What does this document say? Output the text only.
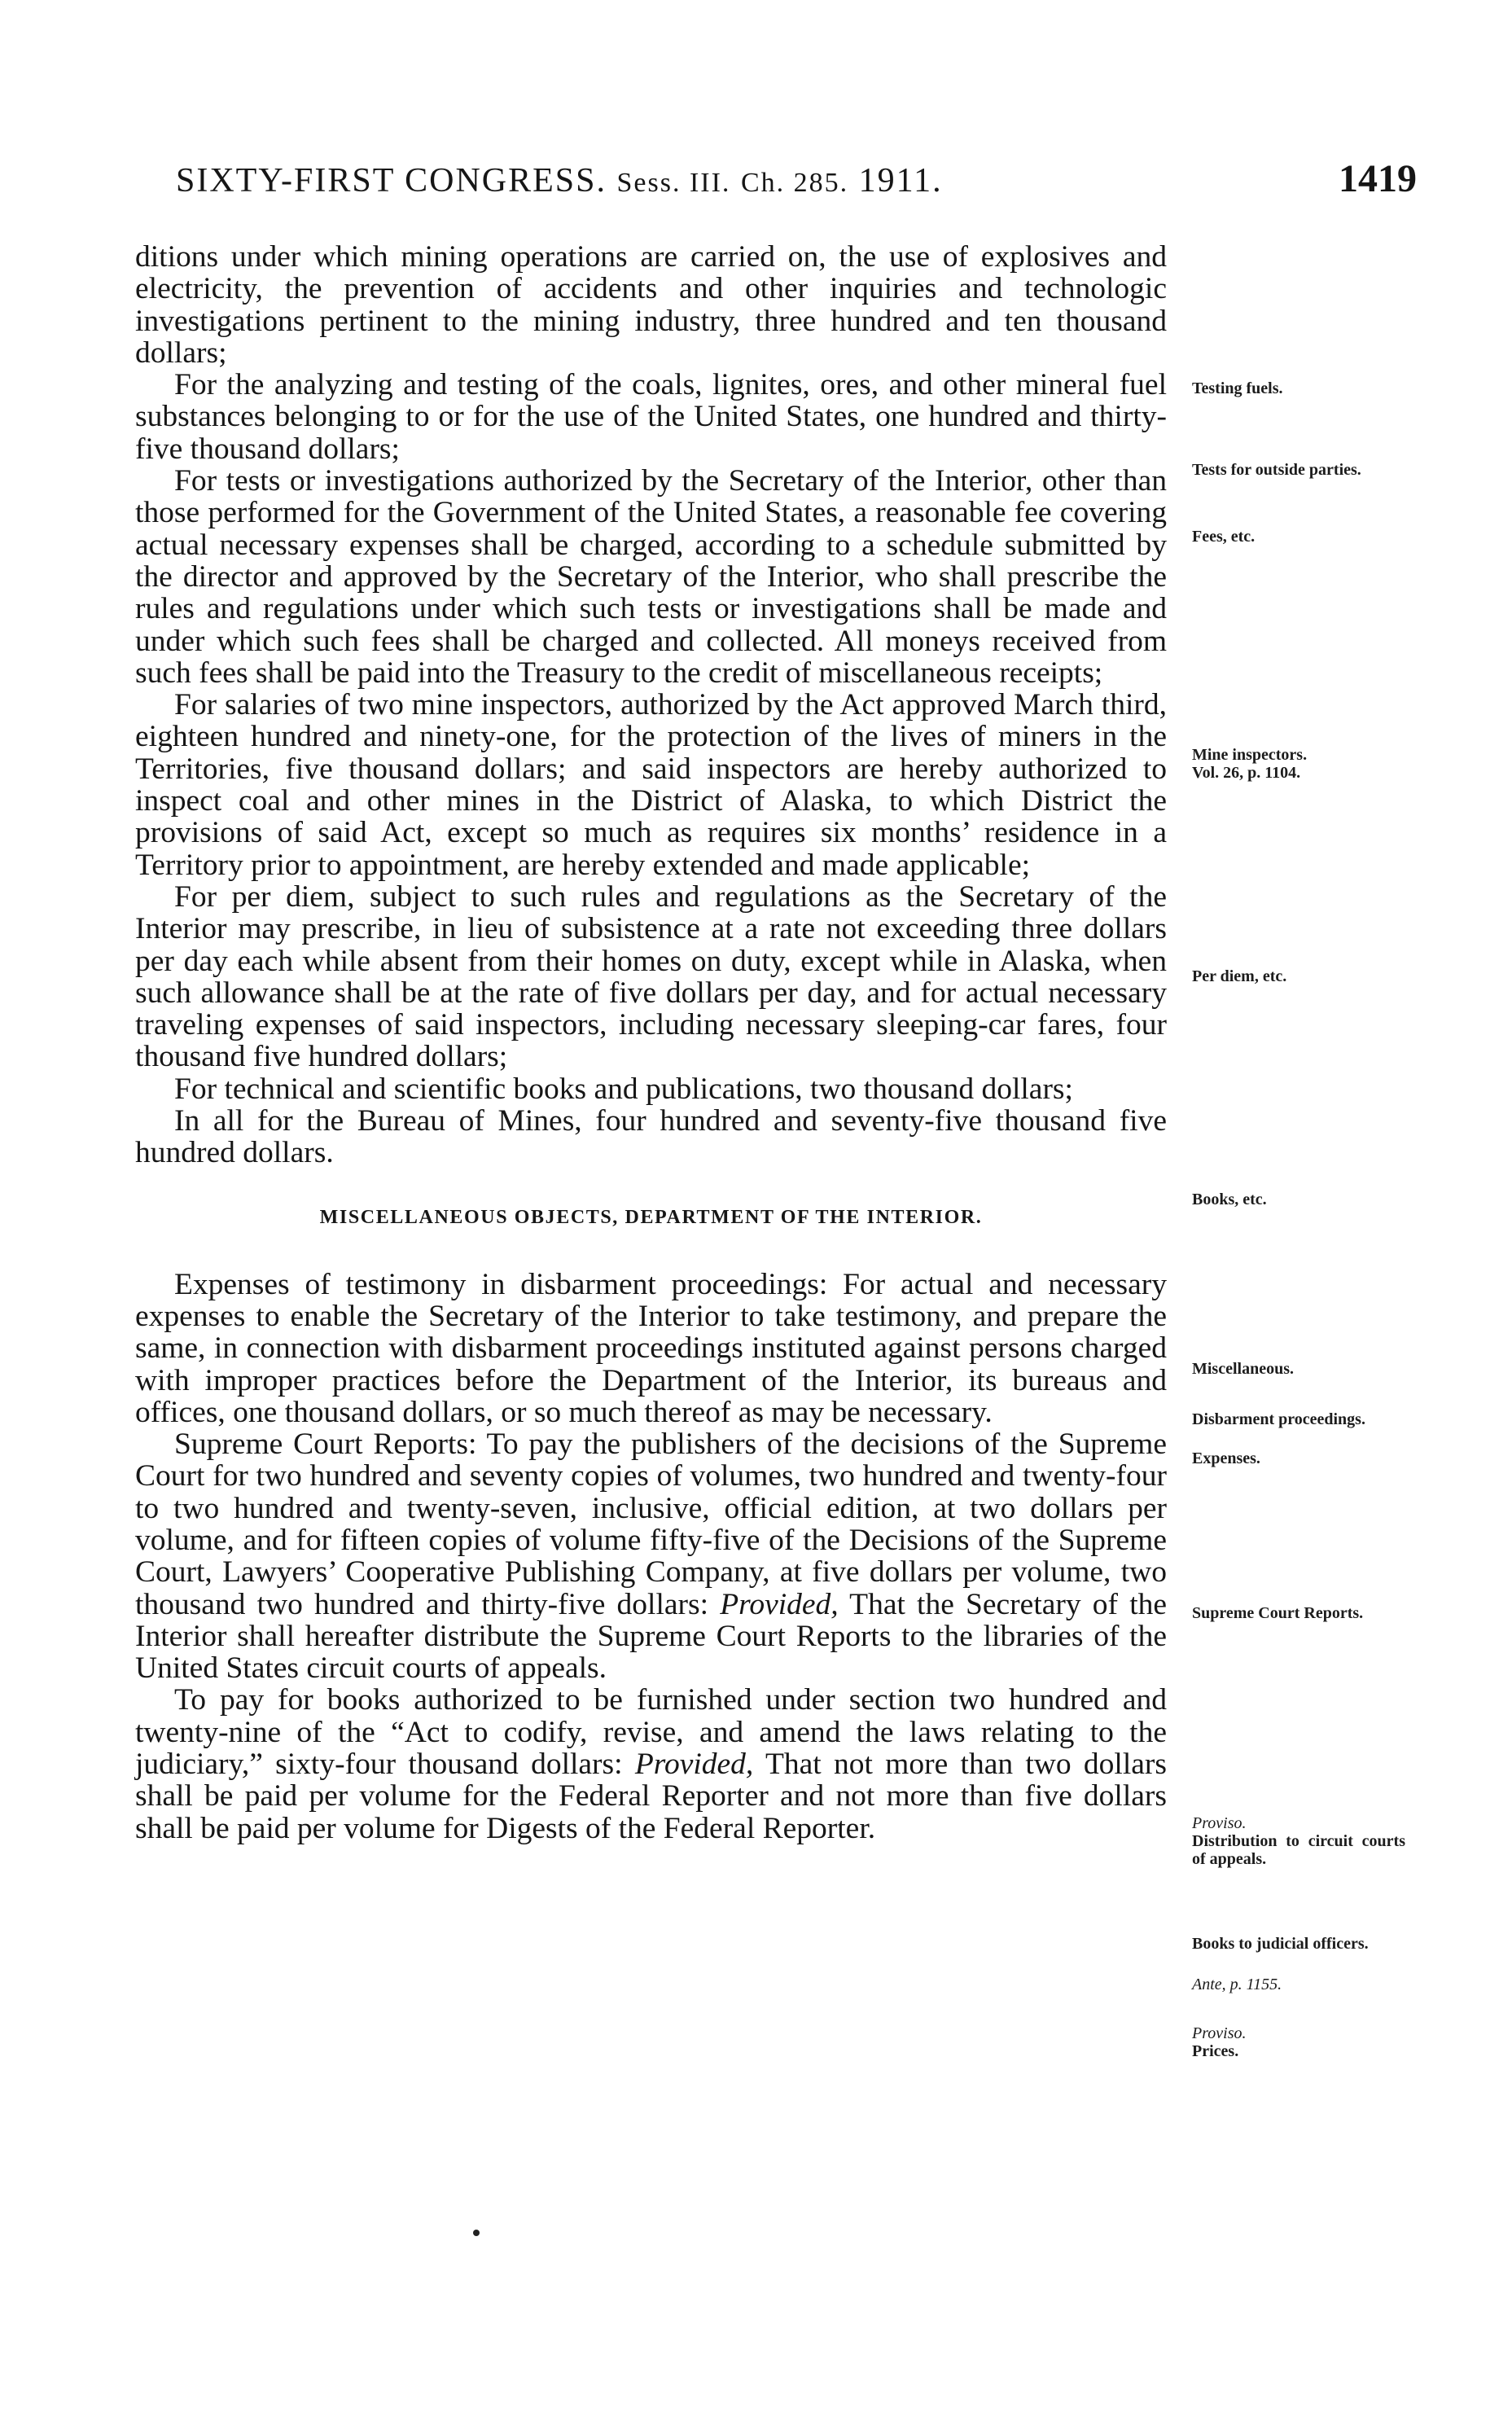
SIXTY-FIRST CONGRESS. Sess. III. Ch. 285. 1911.	1419

ditions under which mining operations are carried on, the use of explosives and electricity, the prevention of accidents and other inquiries and technologic investigations pertinent to the mining industry, three hundred and ten thousand dollars;

For the analyzing and testing of the coals, lignites, ores, and other mineral fuel substances belonging to or for the use of the United States, one hundred and thirty-five thousand dollars;

For tests or investigations authorized by the Secretary of the Interior, other than those performed for the Government of the United States, a reasonable fee covering actual necessary expenses shall be charged, according to a schedule submitted by the director and approved by the Secretary of the Interior, who shall prescribe the rules and regulations under which such tests or investigations shall be made and under which such fees shall be charged and collected. All moneys received from such fees shall be paid into the Treasury to the credit of miscellaneous receipts;

For salaries of two mine inspectors, authorized by the Act approved March third, eighteen hundred and ninety-one, for the protection of the lives of miners in the Territories, five thousand dollars; and said inspectors are hereby authorized to inspect coal and other mines in the District of Alaska, to which District the provisions of said Act, except so much as requires six months’ residence in a Territory prior to appointment, are hereby extended and made applicable;

For per diem, subject to such rules and regulations as the Secretary of the Interior may prescribe, in lieu of subsistence at a rate not exceeding three dollars per day each while absent from their homes on duty, except while in Alaska, when such allowance shall be at the rate of five dollars per day, and for actual necessary traveling expenses of said inspectors, including necessary sleeping-car fares, four thousand five hundred dollars;

For technical and scientific books and publications, two thousand dollars;

In all for the Bureau of Mines, four hundred and seventy-five thousand five hundred dollars.

MISCELLANEOUS OBJECTS, DEPARTMENT OF THE INTERIOR.

Expenses of testimony in disbarment proceedings: For actual and necessary expenses to enable the Secretary of the Interior to take testimony, and prepare the same, in connection with disbarment proceedings instituted against persons charged with improper practices before the Department of the Interior, its bureaus and offices, one thousand dollars, or so much thereof as may be necessary.

Supreme Court Reports: To pay the publishers of the decisions of the Supreme Court for two hundred and seventy copies of volumes, two hundred and twenty-four to two hundred and twenty-seven, inclusive, official edition, at two dollars per volume, and for fifteen copies of volume fifty-five of the Decisions of the Supreme Court, Lawyers’ Cooperative Publishing Company, at five dollars per volume, two thousand two hundred and thirty-five dollars: Provided, That the Secretary of the Interior shall hereafter distribute the Supreme Court Reports to the libraries of the United States circuit courts of appeals.

To pay for books authorized to be furnished under section two hundred and twenty-nine of the “Act to codify, revise, and amend the laws relating to the judiciary,” sixty-four thousand dollars: Provided, That not more than two dollars shall be paid per volume for the Federal Reporter and not more than five dollars shall be paid per volume for Digests of the Federal Reporter.

Testing fuels.
Tests for outside parties.
Fees, etc.
Mine inspectors.
Vol. 26, p. 1104.
Per diem, etc.
Books, etc.
Miscellaneous.
Disbarment proceedings.
Expenses.
Supreme Court Reports.
Proviso.
Distribution to circuit courts of appeals.
Books to judicial officers.
Ante, p. 1155.
Proviso.
Prices.
